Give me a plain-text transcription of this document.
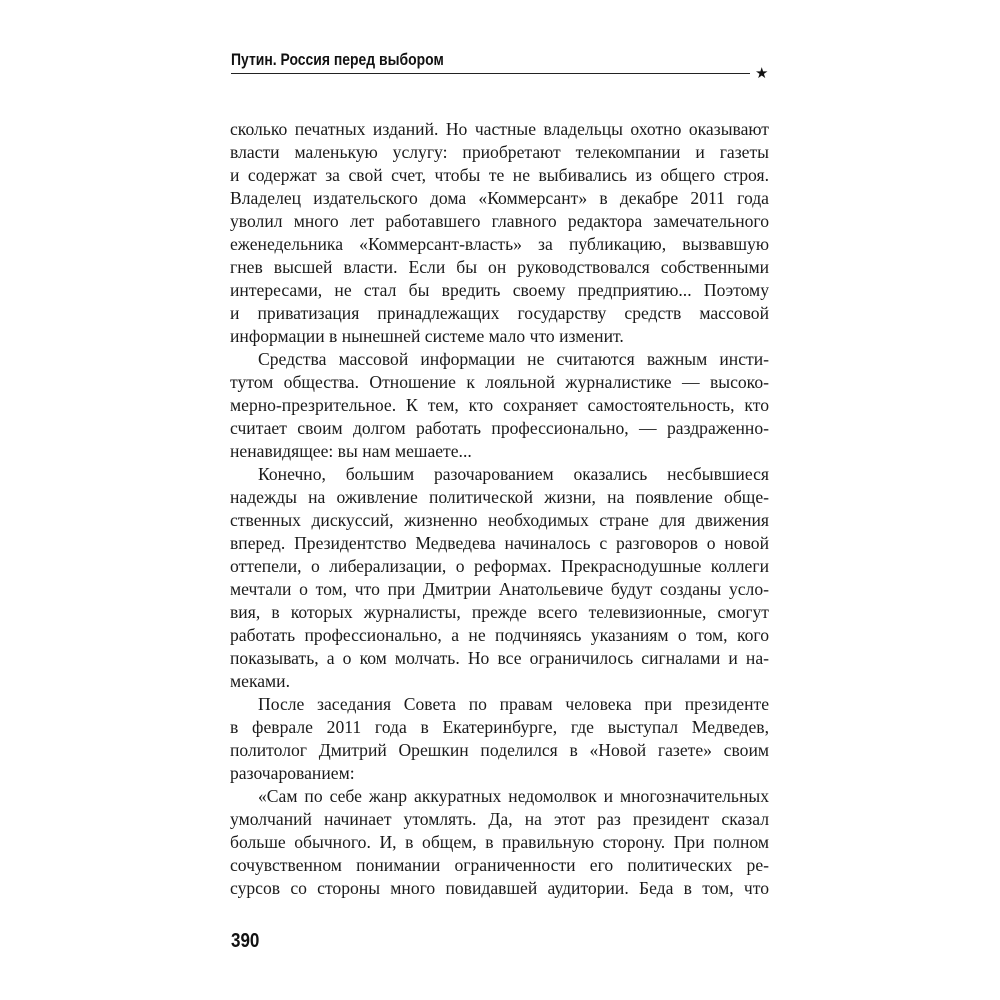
Путин. Россия перед выбором
★
сколько печатных изданий. Но частные владельцы охотно оказывают
власти маленькую услугу: приобретают телекомпании и газеты
и содержат за свой счет, чтобы те не выбивались из общего строя.
Владелец издательского дома «Коммерсант» в декабре 2011 года
уволил много лет работавшего главного редактора замечательного
еженедельника «Коммерсант-власть» за публикацию, вызвавшую
гнев высшей власти. Если бы он руководствовался собственными
интересами, не стал бы вредить своему предприятию... Поэтому
и приватизация принадлежащих государству средств массовой
информации в нынешней системе мало что изменит.
Средства массовой информации не считаются важным инсти-
тутом общества. Отношение к лояльной журналистике — высоко-
мерно-презрительное. К тем, кто сохраняет самостоятельность, кто
считает своим долгом работать профессионально, — раздраженно-
ненавидящее: вы нам мешаете...
Конечно, большим разочарованием оказались несбывшиеся
надежды на оживление политической жизни, на появление обще-
ственных дискуссий, жизненно необходимых стране для движения
вперед. Президентство Медведева начиналось с разговоров о новой
оттепели, о либерализации, о реформах. Прекраснодушные коллеги
мечтали о том, что при Дмитрии Анатольевиче будут созданы усло-
вия, в которых журналисты, прежде всего телевизионные, смогут
работать профессионально, а не подчиняясь указаниям о том, кого
показывать, а о ком молчать. Но все ограничилось сигналами и на-
меками.
После заседания Совета по правам человека при президенте
в феврале 2011 года в Екатеринбурге, где выступал Медведев,
политолог Дмитрий Орешкин поделился в «Новой газете» своим
разочарованием:
«Сам по себе жанр аккуратных недомолвок и многозначительных
умолчаний начинает утомлять. Да, на этот раз президент сказал
больше обычного. И, в общем, в правильную сторону. При полном
сочувственном понимании ограниченности его политических ре-
сурсов со стороны много повидавшей аудитории. Беда в том, что
390
